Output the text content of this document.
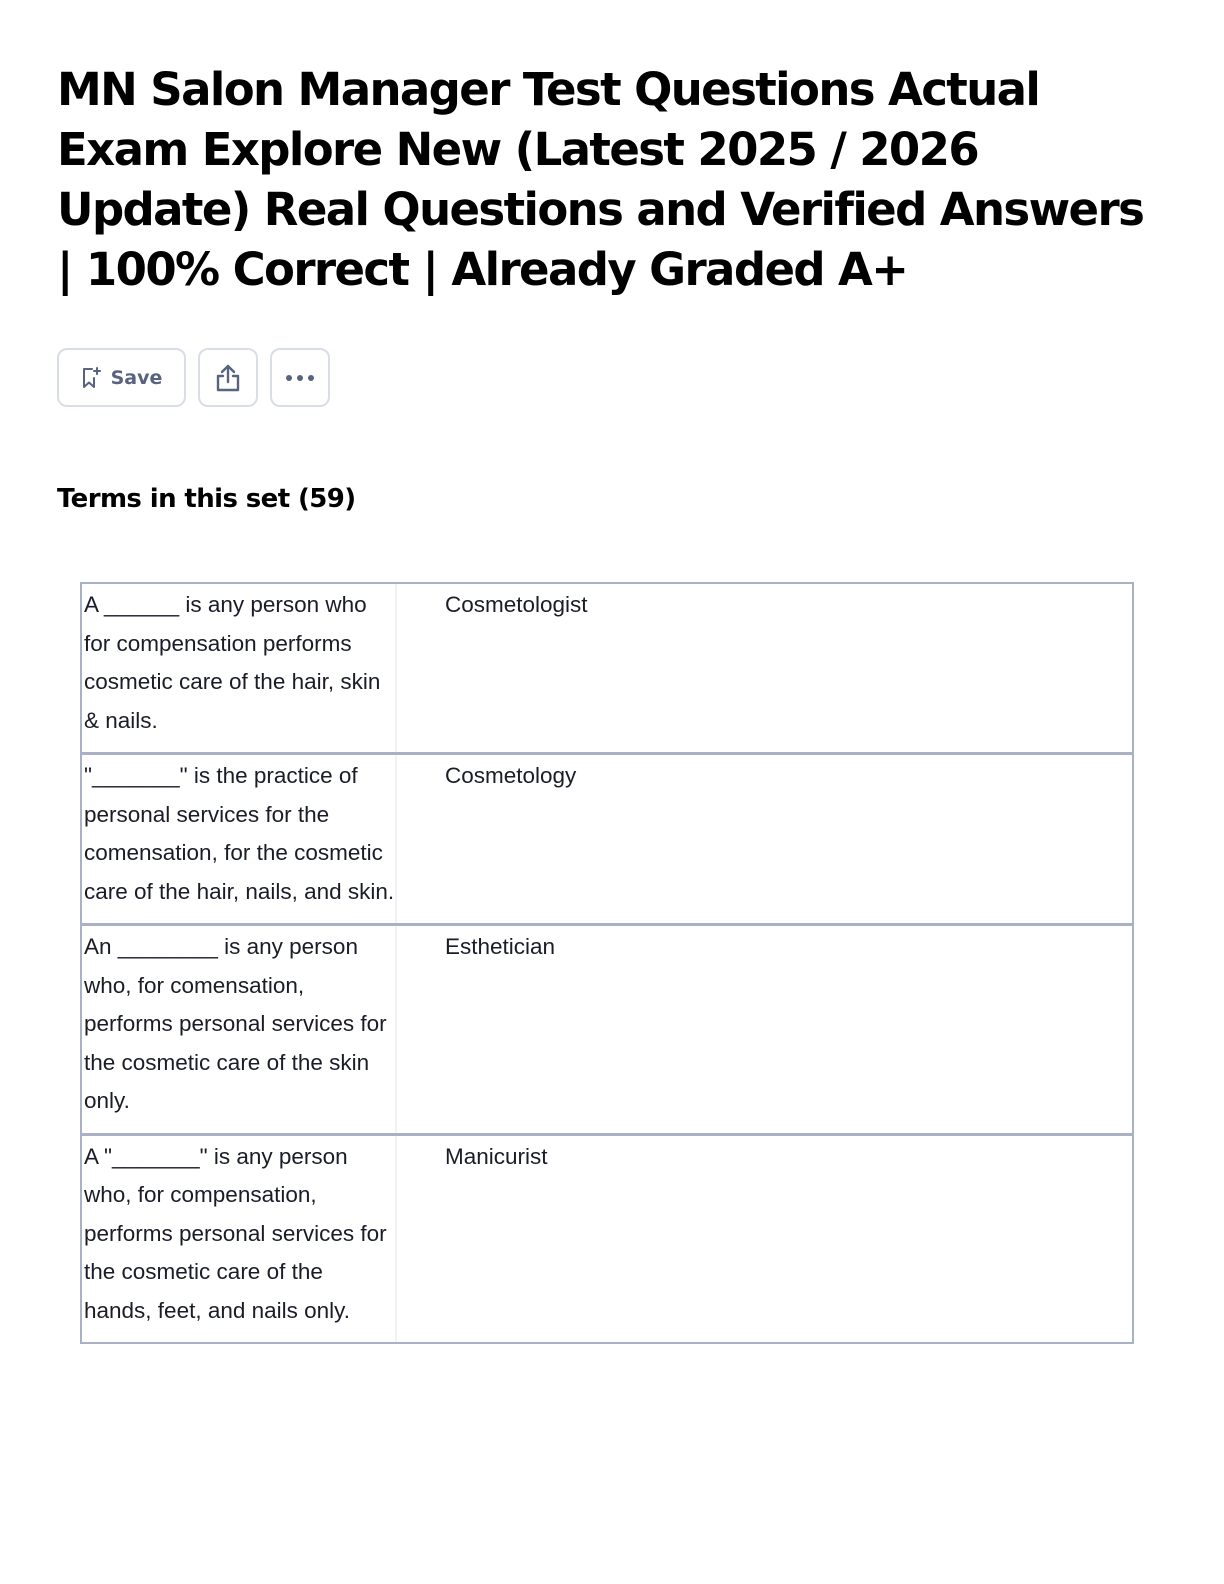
MN Salon Manager Test Questions Actual Exam Explore New (Latest 2025 / 2026 Update) Real Questions and Verified Answers | 100% Correct | Already Graded A+
Save
Terms in this set (59)
A ______ is any person who for compensation performs cosmetic care of the hair, skin & nails.
Cosmetologist
"_______" is the practice of personal services for the comensation, for the cosmetic care of the hair, nails, and skin.
Cosmetology
An ________ is any person who, for comensation, performs personal services for the cosmetic care of the skin only.
Esthetician
A "_______" is any person who, for compensation, performs personal services for the cosmetic care of the hands, feet, and nails only.
Manicurist
